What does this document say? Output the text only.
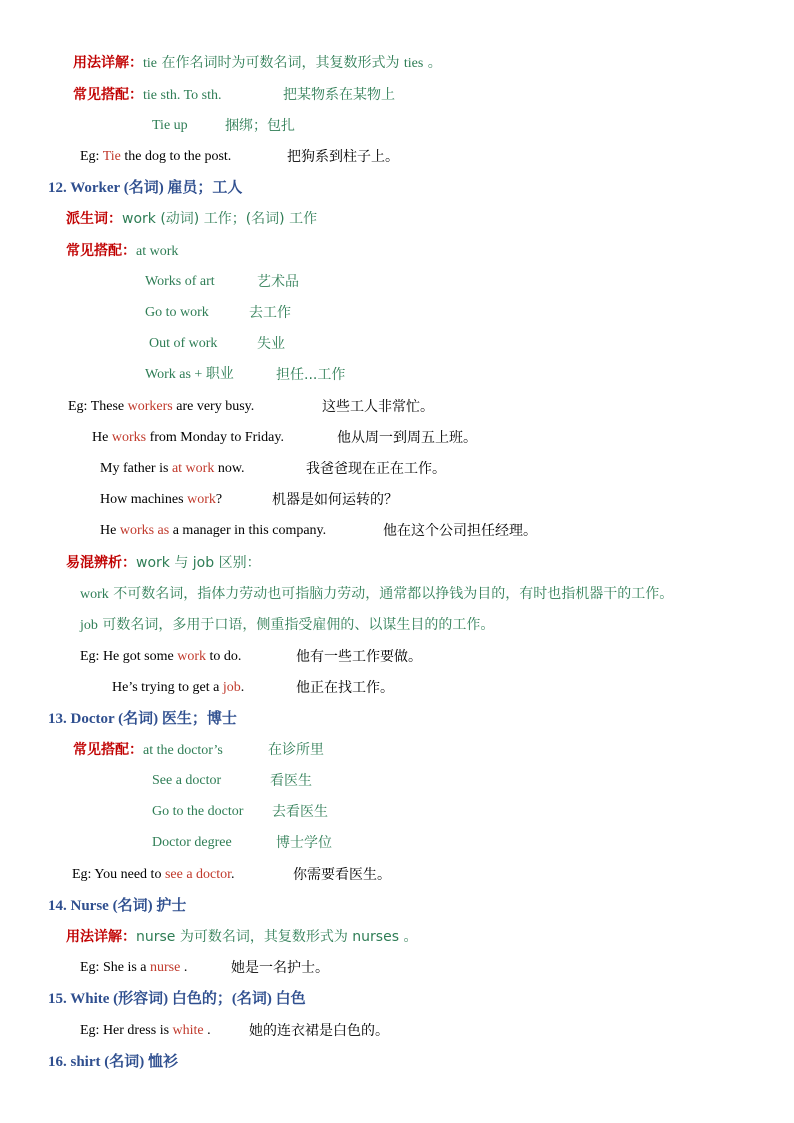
用法详解：tie 在作名词时为可数名词，其复数形式为 ties 。
常见搭配：tie sth. To sth.	把某物系在某物上
Tie up	捆绑；包扎
Eg: Tie the dog to the post.	把狗系到柱子上。
12. Worker (名词) 雇员；工人
派生词：work (动词) 工作；(名词) 工作
常见搭配：at work
Works of art	艺术品
Go to work	去工作
Out of work	失业
Work as + 职业	担任...工作
Eg: These workers are very busy.	这些工人非常忙。
He works from Monday to Friday.	他从周一到周五上班。
My father is at work now.	我爸爸现在正在工作。
How machines work?	机器是如何运转的？
He works as a manager in this company.	他在这个公司担任经理。
易混辨析：work 与 job 区别：
work 不可数名词，指体力劳动也可指脑力劳动，通常都以挣钱为目的，有时也指机器干的工作。
job 可数名词，多用于口语，侧重指受雇佣的、以谋生目的的工作。
Eg: He got some work to do.	他有一些工作要做。
He’s trying to get a job.	他正在找工作。
13. Doctor (名词) 医生；博士
常见搭配：at the doctor’s	在诊所里
See a doctor	看医生
Go to the doctor 去看医生
Doctor degree	博士学位
Eg: You need to see a doctor.	你需要看医生。
14. Nurse (名词) 护士
用法详解：nurse 为可数名词，其复数形式为 nurses 。
Eg: She is a nurse .	她是一名护士。
15. White (形容词) 白色的；(名词) 白色
Eg: Her dress is white .	她的连衣裙是白色的。
16. shirt (名词) 恤衫
